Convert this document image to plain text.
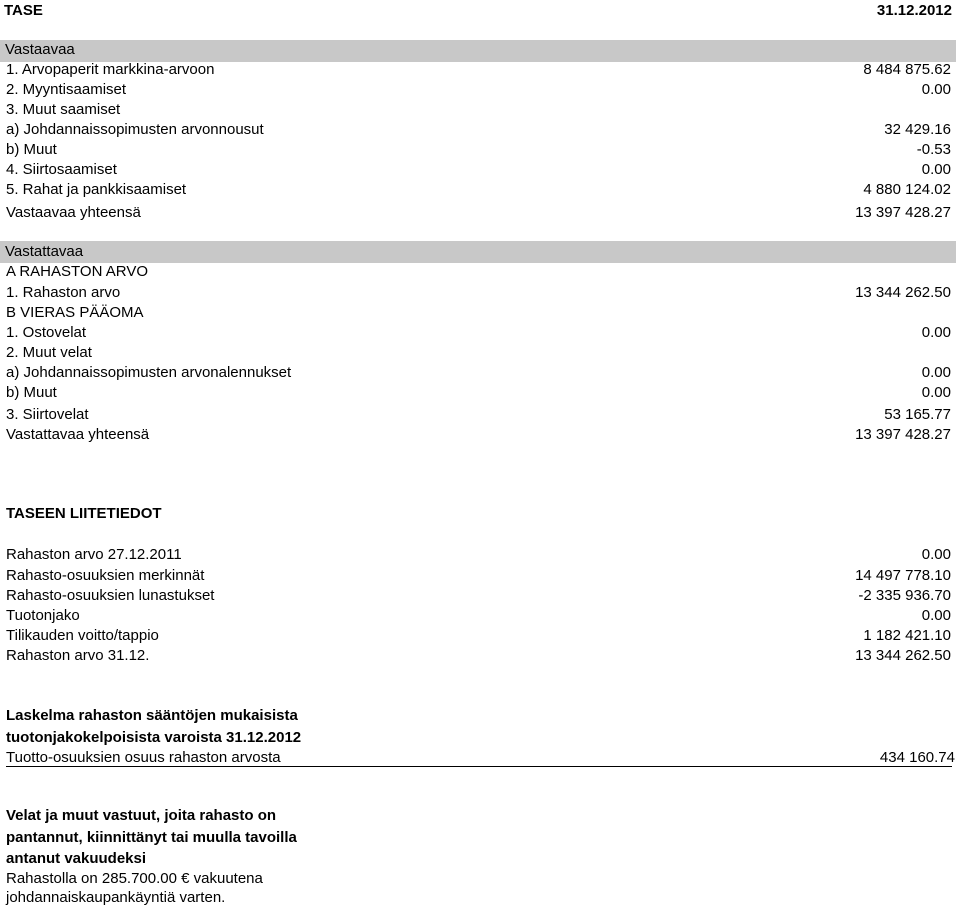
TASE	31.12.2012
Vastaavaa
1. Arvopaperit markkina-arvoon	8 484 875.62
2. Myyntisaamiset	0.00
3. Muut saamiset
a) Johdannaissopimusten arvonnousut	32 429.16
b) Muut	-0.53
4. Siirtosaamiset	0.00
5. Rahat ja pankkisaamiset	4 880 124.02
Vastaavaa yhteensä	13 397 428.27
Vastattavaa
A RAHASTON ARVO
1. Rahaston arvo	13 344 262.50
B VIERAS PÄÄOMA
1. Ostovelat	0.00
2. Muut velat
a) Johdannaissopimusten arvonalennukset	0.00
b) Muut	0.00
3. Siirtovelat	53 165.77
Vastattavaa yhteensä	13 397 428.27
TASEEN LIITETIEDOT
Rahaston arvo 27.12.2011	0.00
Rahasto-osuuksien merkinnät	14 497 778.10
Rahasto-osuuksien lunastukset	-2 335 936.70
Tuotonjako	0.00
Tilikauden voitto/tappio	1 182 421.10
Rahaston arvo 31.12.	13 344 262.50
Laskelma rahaston sääntöjen mukaisista
tuotonjakokelpoisista varoista 31.12.2012
Tuotto-osuuksien osuus rahaston arvosta	434 160.74
Velat ja muut vastuut, joita rahasto on
pantannut, kiinnittänyt tai muulla tavoilla
antanut vakuudeksi
Rahastolla on 285.700.00 € vakuutena
johdannaiskaupankäyntiä varten.
